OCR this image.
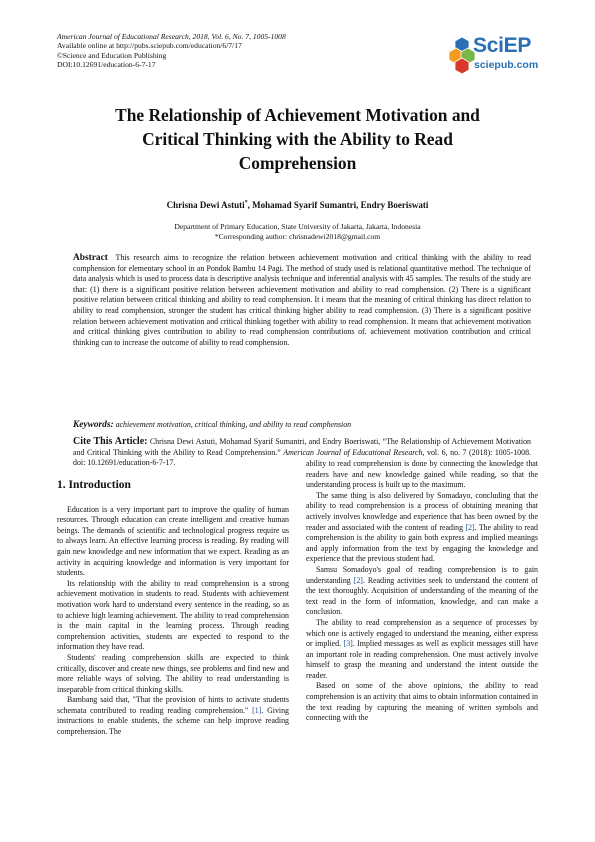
American Journal of Educational Research, 2018, Vol. 6, No. 7, 1005-1008
Available online at http://pubs.sciepub.com/education/6/7/17
©Science and Education Publishing
DOI:10.12691/education-6-7-17
SciEP
sciepub.com
The Relationship of Achievement Motivation and
Critical Thinking with the Ability to Read
Comprehension
Chrisna Dewi Astuti*, Mohamad Syarif Sumantri, Endry Boeriswati
Department of Primary Education, State University of Jakarta, Jakarta, Indonesia
*Corresponding author: chrisnadewi2018@gmail.com
Abstract This research aims to recognize the relation between achievement motivation and critical thinking with the ability to read comphension for elementary school in an Pondok Bambu 14 Pagi. The method of study used is relational quantitative method. The technique of data analysis which is used to process data is descriptive analysis technique and inferential analysis with 45 samples. The results of the study are that: (1) there is a significant positive relation between achievement motivation and ability to read comphension. (2) There is a significant positive relation between critical thinking and ability to read comphension. It i means that the meaning of critical thinking has direct relation to ability to read comphension, stronger the student has critical thinking higher ability to read comphension. (3) There is a significant positive relation between achievement motivation and critical thinking together with ability to read comphension. It means that achievement motivation and critical thinking gives contribution to ability to read comphension contributions of. achievement motivation contribution and critical thinking can to increase the outcome of ability to read comphension.
Keywords: achievement motivation, critical thinking, and ability to read comphension
Cite This Article: Chrisna Dewi Astuti, Mohamad Syarif Sumantri, and Endry Boeriswati, “The Relationship of Achievement Motivation and Critical Thinking with the Ability to Read Comprehension.” American Journal of Educational Research, vol. 6, no. 7 (2018): 1005-1008. doi: 10.12691/education-6-7-17.
1. Introduction

Education is a very important part to improve the quality of human resources. Through education can create intelligent and creative human beings. The demands of scientific and technological progress require us to always learn. An effective learning process is reading. By reading will gain new knowledge and new information that we expect. Reading as an activity in acquiring knowledge and information is very important for students.

Its relationship with the ability to read comprehension is a strong achievement motivation in students to read. Students with achievement motivation work hard to understand every sentence in the reading, so as to achieve high learning achievement. The ability to read comprehension is the main capital in the learning process. Through reading comprehension activities, students are expected to respond to the information they have read.

Students' reading comprehension skills are expected to think critically, discover and create new things, see problems and find new and more reliable ways of solving. The ability to read understanding is inseparable from critical thinking skills.

Bambang said that, "That the provision of hints to activate students schemata contributed to reading reading comprehension." [1]. Giving instructions to enable students, the scheme can help improve reading comprehension. The

ability to read comprehension is done by connecting the knowledge that readers have and new knowledge gained while reading, so that the understanding process is built up to the maximum.

The same thing is also delivered by Somadayo, concluding that the ability to read comprehension is a process of obtaining meaning that actively involves knowledge and experience that has been owned by the reader and associated with the content of reading [2]. The ability to read comprehension is the ability to gain both express and implied meanings and apply information from the text by engaging the knowledge and experience that the previous student had.

Samsu Somadoyo's goal of reading comprehension is to gain understanding [2]. Reading activities seek to understand the content of the text thoroughly. Acquisition of understanding of the meaning of the text read in the form of information, knowledge, and can make a conclusion.

The ability to read comprehension as a sequence of processes by which one is actively engaged to understand the meaning, either express or implied. [3]. Implied messages as well as explicit messages still have an important role in reading comprehension. One must actively involve himself to grasp the meaning and understand the intent outside the reader.

Based on some of the above opinions, the ability to read comprehension is an activity that aims to obtain information contained in the text reading by capturing the meaning of written symbols and connecting with the
